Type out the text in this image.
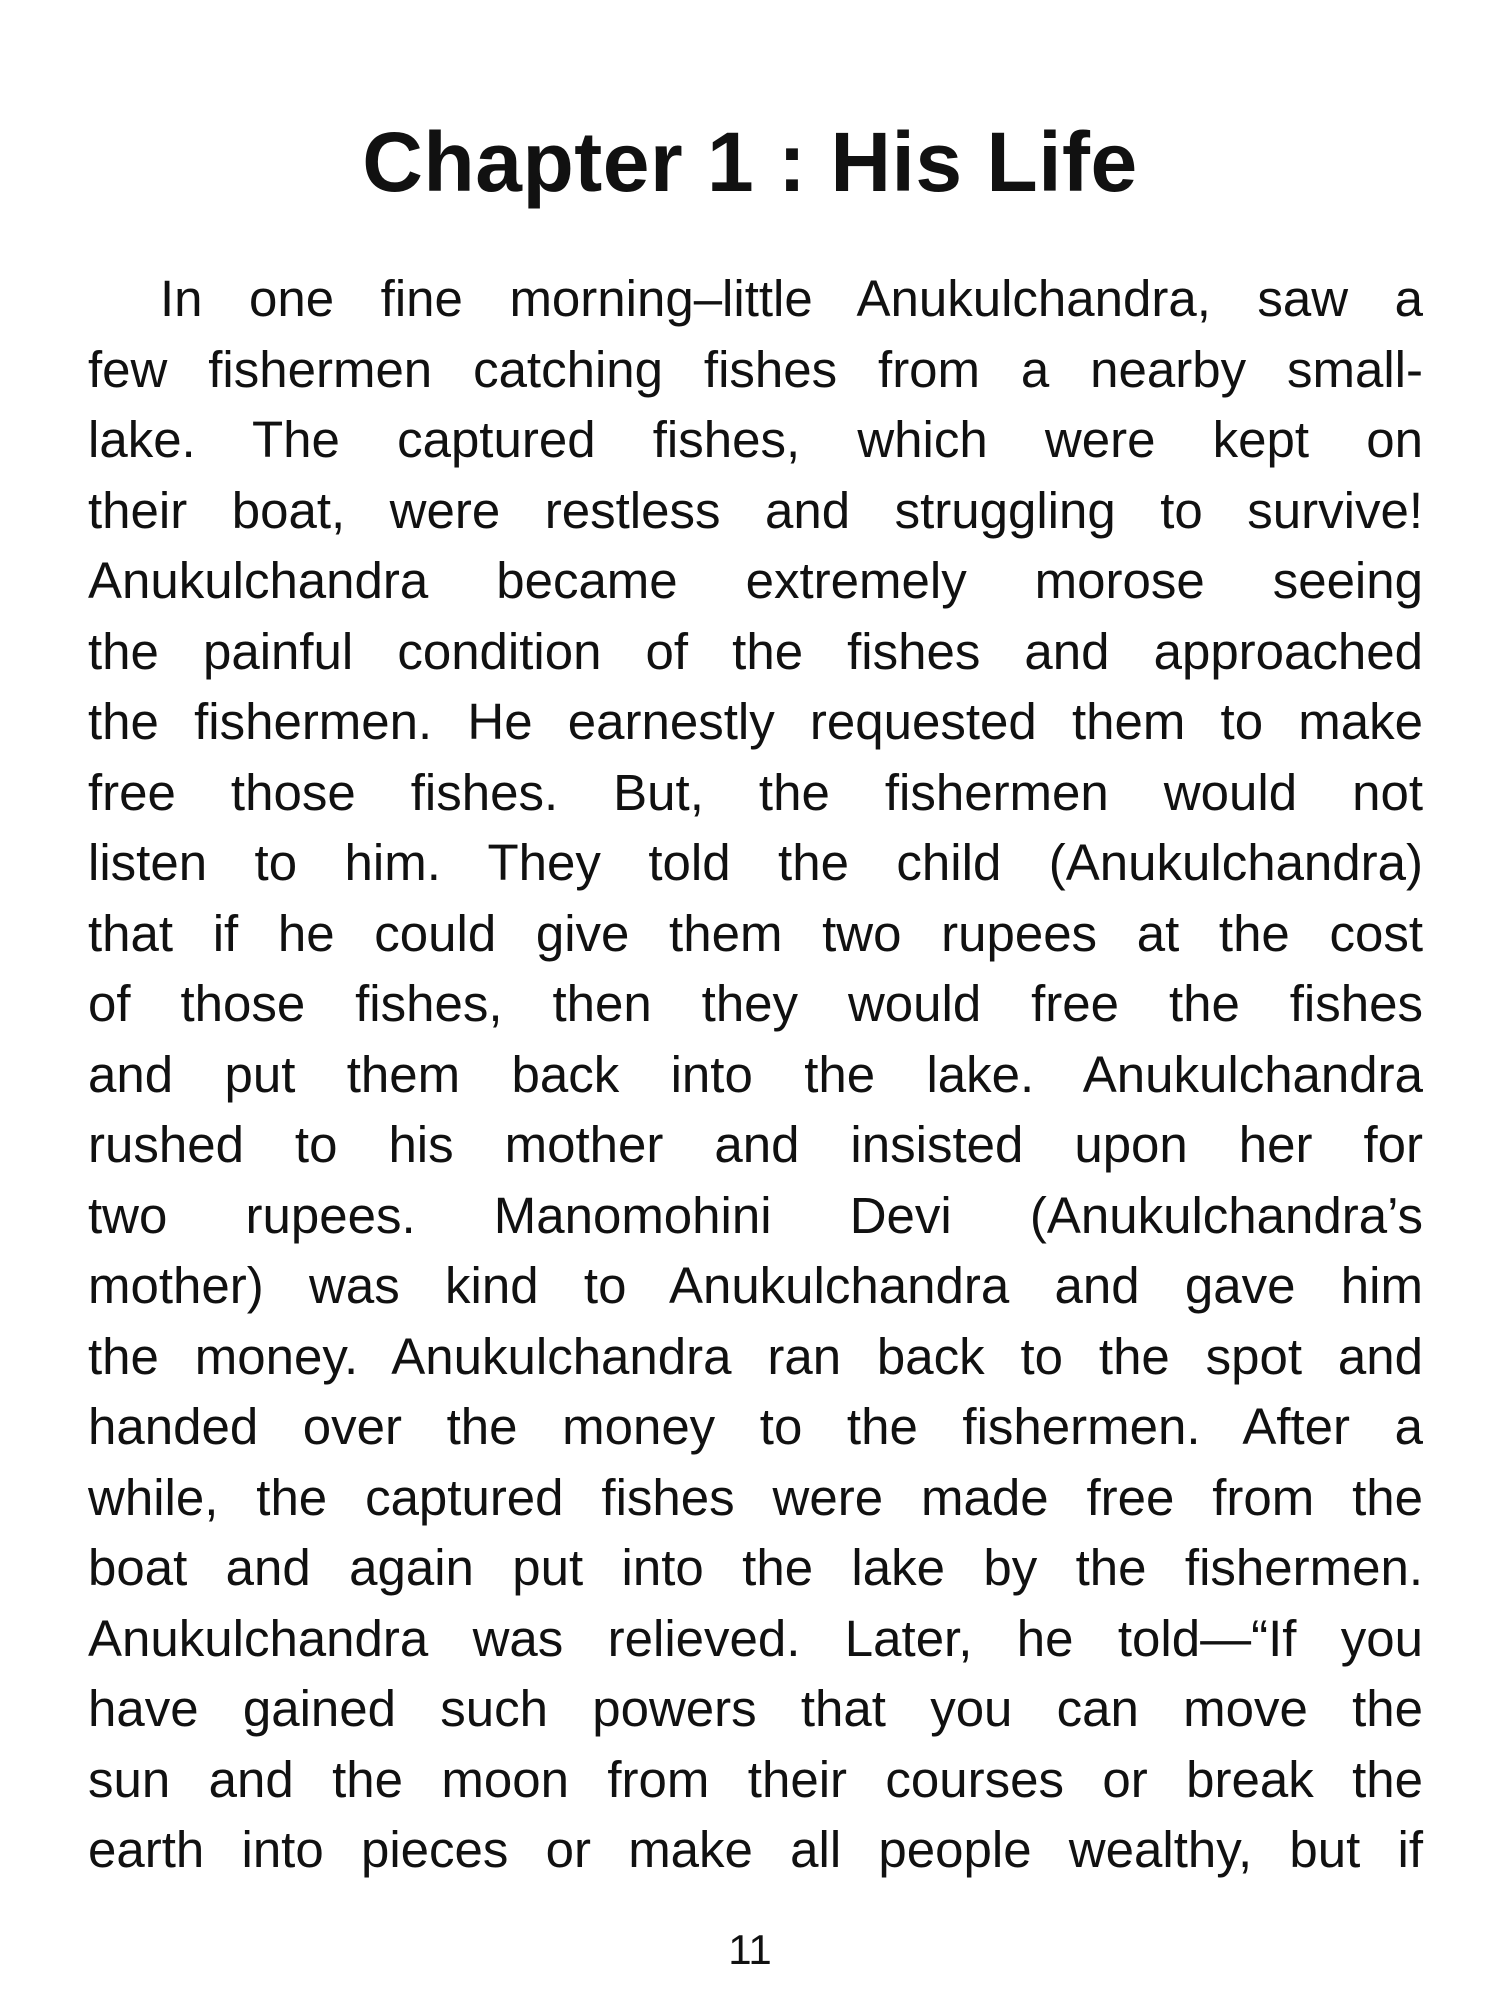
Chapter 1 : His Life
In one fine morning–little Anukulchandra, saw a
few fishermen catching fishes from a nearby small-
lake. The captured fishes, which were kept on
their boat, were restless and struggling to survive!
Anukulchandra became extremely morose seeing
the painful condition of the fishes and approached
the fishermen. He earnestly requested them to make
free those fishes. But, the fishermen would not
listen to him. They told the child (Anukulchandra)
that if he could give them two rupees at the cost
of those fishes, then they would free the fishes
and put them back into the lake. Anukulchandra
rushed to his mother and insisted upon her for
two rupees. Manomohini Devi (Anukulchandra’s
mother) was kind to Anukulchandra and gave him
the money. Anukulchandra ran back to the spot and
handed over the money to the fishermen. After a
while, the captured fishes were made free from the
boat and again put into the lake by the fishermen.
Anukulchandra was relieved. Later, he told—“If you
have gained such powers that you can move the
sun and the moon from their courses or break the
earth into pieces or make all people wealthy, but if
11
